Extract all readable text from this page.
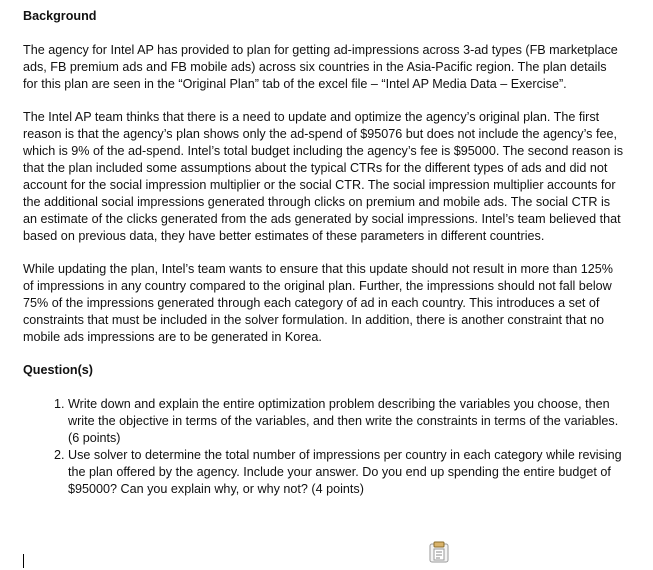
Background

The agency for Intel AP has provided to plan for getting ad-impressions across 3-ad types (FB marketplace ads, FB premium ads and FB mobile ads) across six countries in the Asia-Pacific region. The plan details for this plan are seen in the “Original Plan” tab of the excel file – “Intel AP Media Data – Exercise”.

The Intel AP team thinks that there is a need to update and optimize the agency’s original plan. The first reason is that the agency’s plan shows only the ad-spend of $95076 but does not include the agency’s fee, which is 9% of the ad-spend. Intel’s total budget including the agency’s fee is $95000. The second reason is that the plan included some assumptions about the typical CTRs for the different types of ads and did not account for the social impression multiplier or the social CTR. The social impression multiplier accounts for the additional social impressions generated through clicks on premium and mobile ads. The social CTR is an estimate of the clicks generated from the ads generated by social impressions. Intel’s team believed that based on previous data, they have better estimates of these parameters in different countries.

While updating the plan, Intel’s team wants to ensure that this update should not result in more than 125% of impressions in any country compared to the original plan. Further, the impressions should not fall below 75% of the impressions generated through each category of ad in each country. This introduces a set of constraints that must be included in the solver formulation. In addition, there is another constraint that no mobile ads impressions are to be generated in Korea.

Question(s)
1. Write down and explain the entire optimization problem describing the variables you choose, then write the objective in terms of the variables, and then write the constraints in terms of the variables. (6 points)
2. Use solver to determine the total number of impressions per country in each category while revising the plan offered by the agency. Include your answer. Do you end up spending the entire budget of $95000? Can you explain why, or why not? (4 points)
